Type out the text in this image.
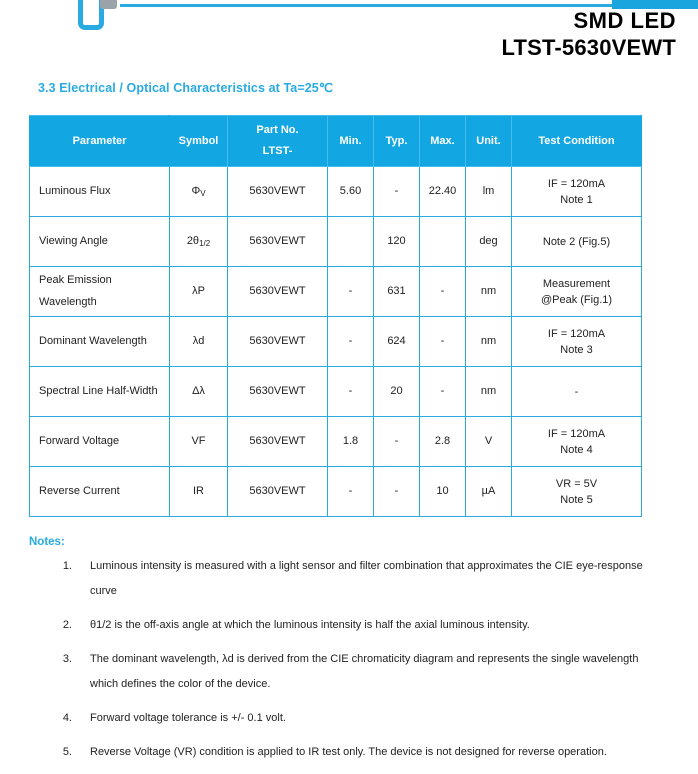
SMD LED
LTST-5630VEWT
3.3 Electrical / Optical Characteristics at Ta=25℃
Parameter	Symbol	Part No.
LTST-	Min.	Typ.	Max.	Unit.	Test Condition
Luminous Flux	$\Phi_V$	5630VEWT	5.60	-	22.40	lm	IF = 120mA
Note 1

Viewing Angle	$2\theta_{1/2}$	5630VEWT		120		deg	Note 2 (Fig.5)

Peak Emission
Wavelength	λP	5630VEWT	-	631	-	nm	Measurement
@Peak (Fig.1)

Dominant Wavelength	λd	5630VEWT	-	624	-	nm	IF = 120mA
Note 3

Spectral Line Half-Width	Δλ	5630VEWT	-	20	-	nm	-

Forward Voltage	VF	5630VEWT	1.8	-	2.8	V	IF = 120mA
Note 4

Reverse Current	IR	5630VEWT	-	-	10	µA	VR = 5V
Note 5
Notes:
1. Luminous intensity is measured with a light sensor and filter combination that approximates the CIE eye-response curve
2. θ1/2 is the off-axis angle at which the luminous intensity is half the axial luminous intensity.
3. The dominant wavelength, λd is derived from the CIE chromaticity diagram and represents the single wavelength which defines the color of the device.
4. Forward voltage tolerance is +/- 0.1 volt.
5. Reverse Voltage (VR) condition is applied to IR test only. The device is not designed for reverse operation.
